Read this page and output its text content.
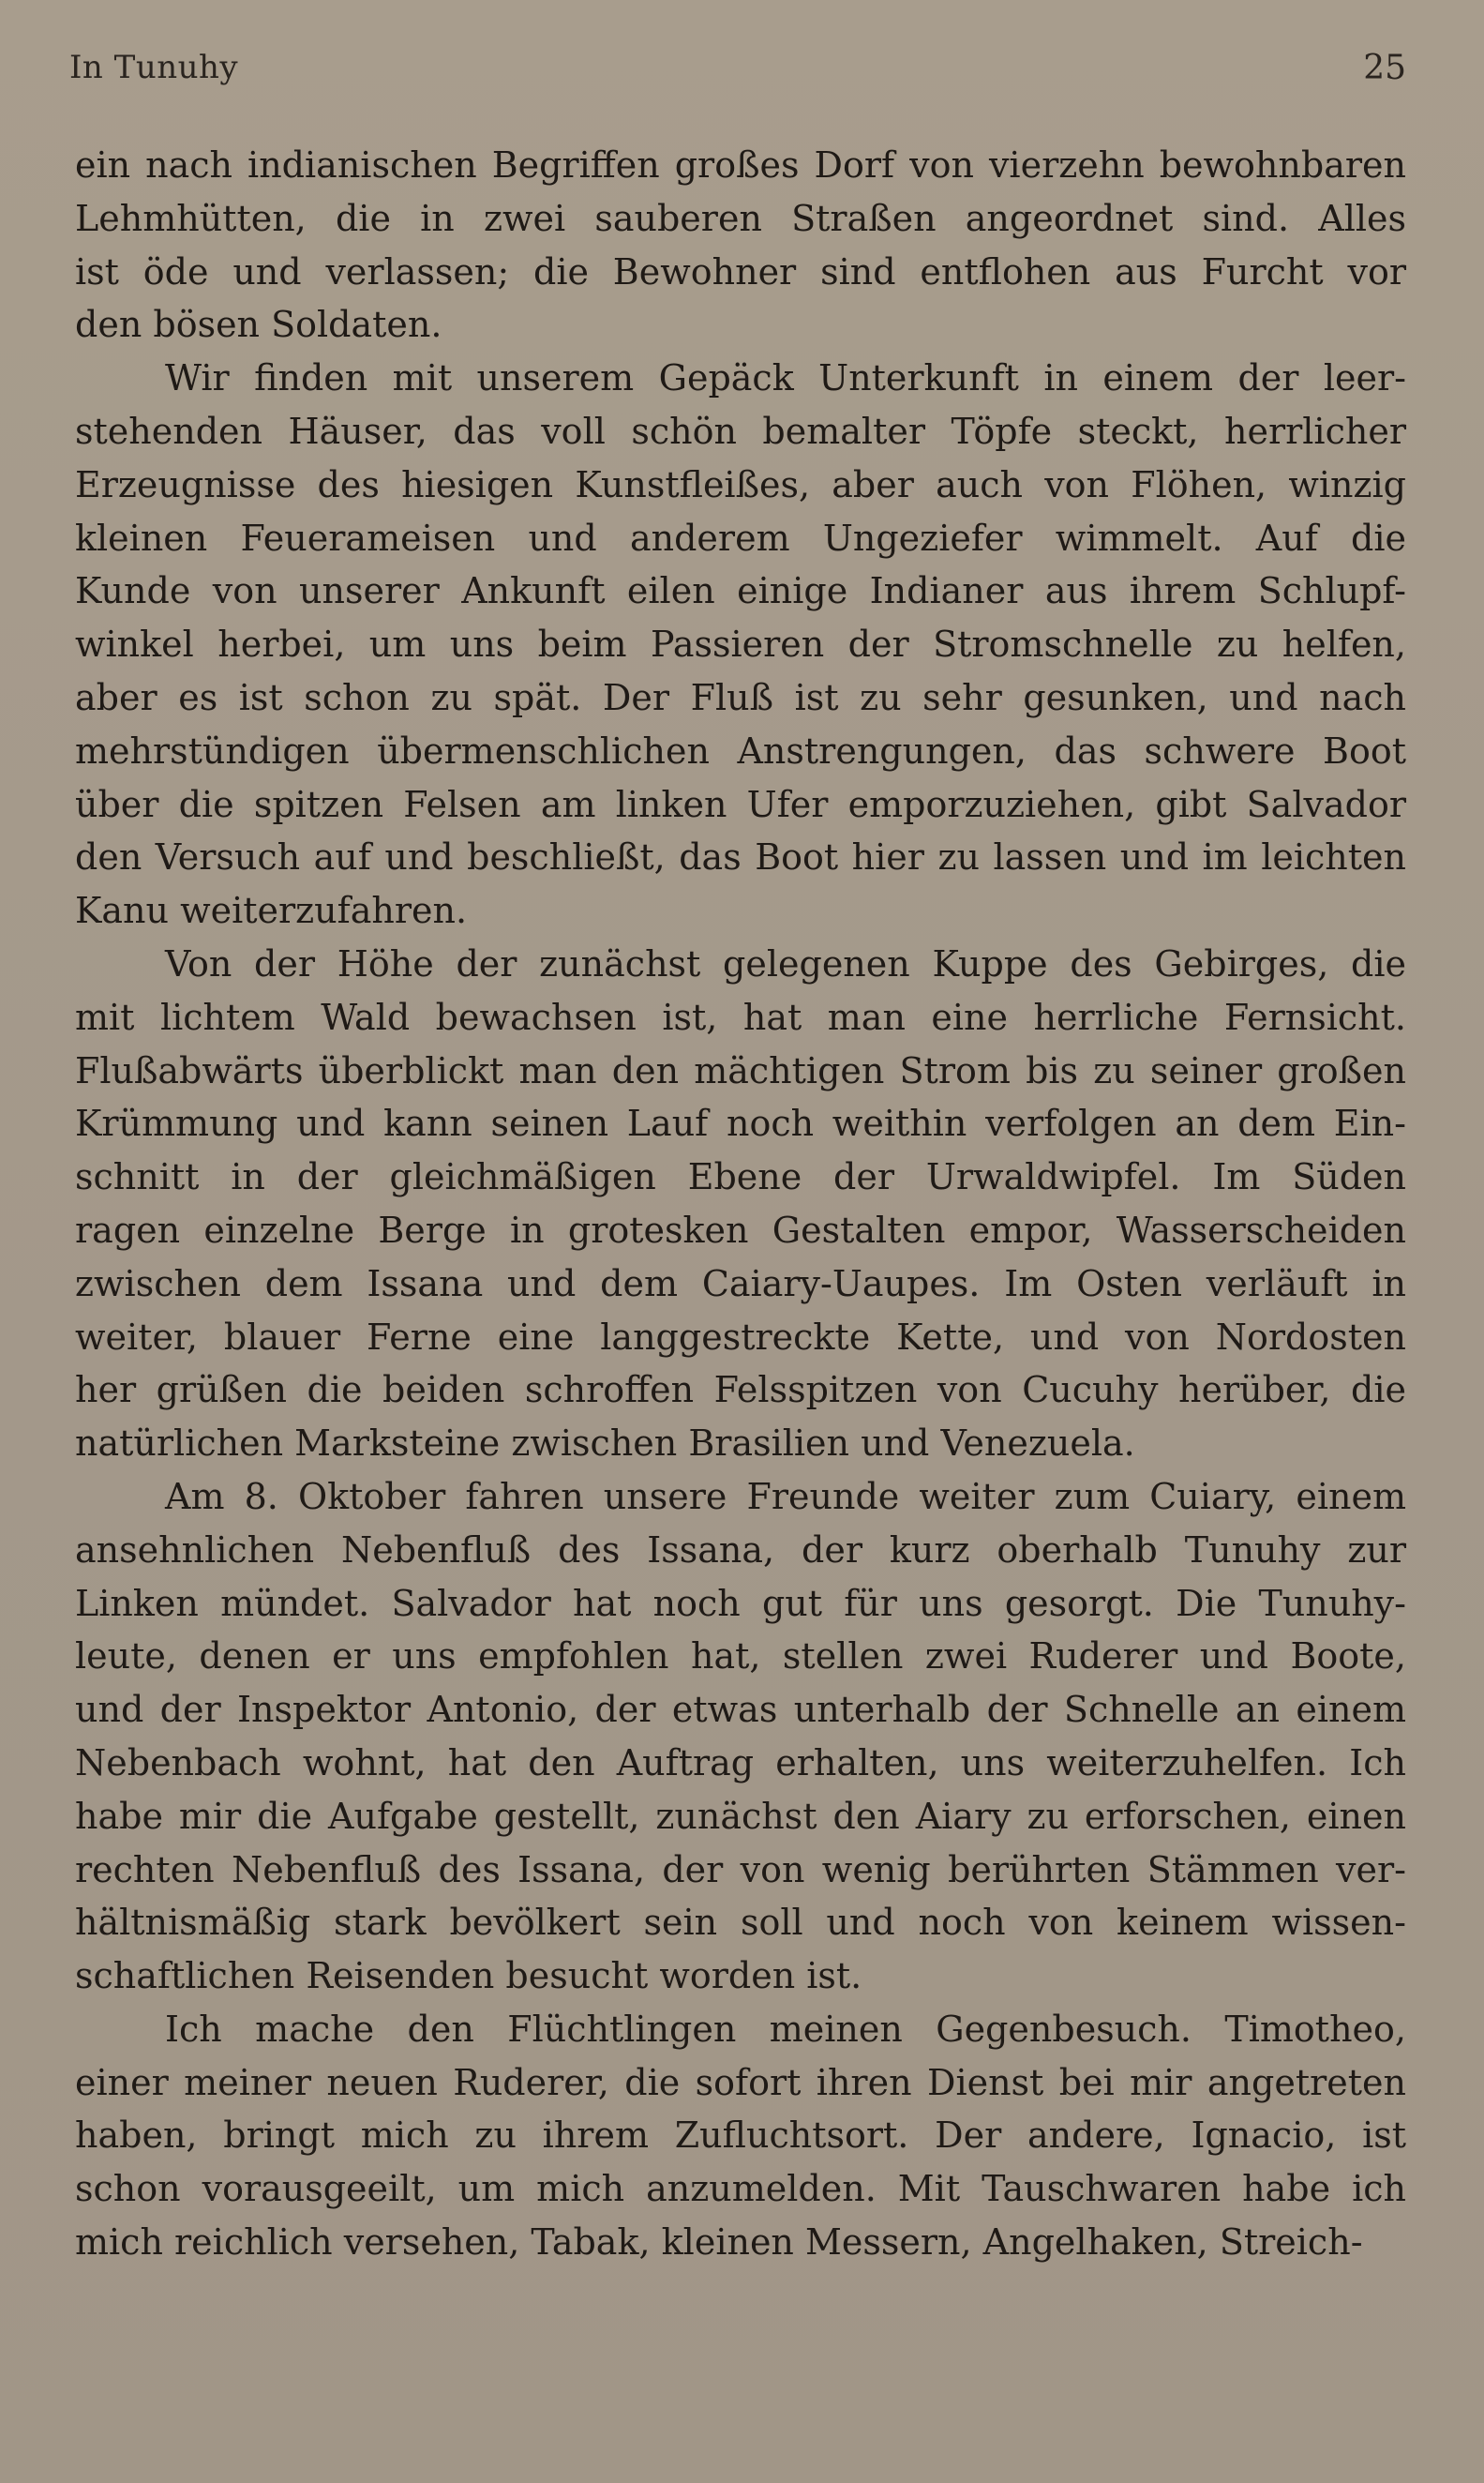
In Tunuhy	25
ein nach indianischen Begriffen großes Dorf von vierzehn bewohnbaren
Lehmhütten, die in zwei sauberen Straßen angeordnet sind. Alles
ist öde und verlassen; die Bewohner sind entflohen aus Furcht vor
den bösen Soldaten.
Wir finden mit unserem Gepäck Unterkunft in einem der leer-
stehenden Häuser, das voll schön bemalter Töpfe steckt, herrlicher
Erzeugnisse des hiesigen Kunstfleißes, aber auch von Flöhen, winzig
kleinen Feuerameisen und anderem Ungeziefer wimmelt. Auf die
Kunde von unserer Ankunft eilen einige Indianer aus ihrem Schlupf-
winkel herbei, um uns beim Passieren der Stromschnelle zu helfen,
aber es ist schon zu spät. Der Fluß ist zu sehr gesunken, und nach
mehrstündigen übermenschlichen Anstrengungen, das schwere Boot
über die spitzen Felsen am linken Ufer emporzuziehen, gibt Salvador
den Versuch auf und beschließt, das Boot hier zu lassen und im leichten
Kanu weiterzufahren.
Von der Höhe der zunächst gelegenen Kuppe des Gebirges, die
mit lichtem Wald bewachsen ist, hat man eine herrliche Fernsicht.
Flußabwärts überblickt man den mächtigen Strom bis zu seiner großen
Krümmung und kann seinen Lauf noch weithin verfolgen an dem Ein-
schnitt in der gleichmäßigen Ebene der Urwaldwipfel. Im Süden
ragen einzelne Berge in grotesken Gestalten empor, Wasserscheiden
zwischen dem Issana und dem Caiary-Uaupes. Im Osten verläuft in
weiter, blauer Ferne eine langgestreckte Kette, und von Nordosten
her grüßen die beiden schroffen Felsspitzen von Cucuhy herüber, die
natürlichen Marksteine zwischen Brasilien und Venezuela.
Am 8. Oktober fahren unsere Freunde weiter zum Cuiary, einem
ansehnlichen Nebenfluß des Issana, der kurz oberhalb Tunuhy zur
Linken mündet. Salvador hat noch gut für uns gesorgt. Die Tunuhy-
leute, denen er uns empfohlen hat, stellen zwei Ruderer und Boote,
und der Inspektor Antonio, der etwas unterhalb der Schnelle an einem
Nebenbach wohnt, hat den Auftrag erhalten, uns weiterzuhelfen. Ich
habe mir die Aufgabe gestellt, zunächst den Aiary zu erforschen, einen
rechten Nebenfluß des Issana, der von wenig berührten Stämmen ver-
hältnismäßig stark bevölkert sein soll und noch von keinem wissen-
schaftlichen Reisenden besucht worden ist.
Ich mache den Flüchtlingen meinen Gegenbesuch. Timotheo,
einer meiner neuen Ruderer, die sofort ihren Dienst bei mir angetreten
haben, bringt mich zu ihrem Zufluchtsort. Der andere, Ignacio, ist
schon vorausgeeilt, um mich anzumelden. Mit Tauschwaren habe ich
mich reichlich versehen, Tabak, kleinen Messern, Angelhaken, Streich-
